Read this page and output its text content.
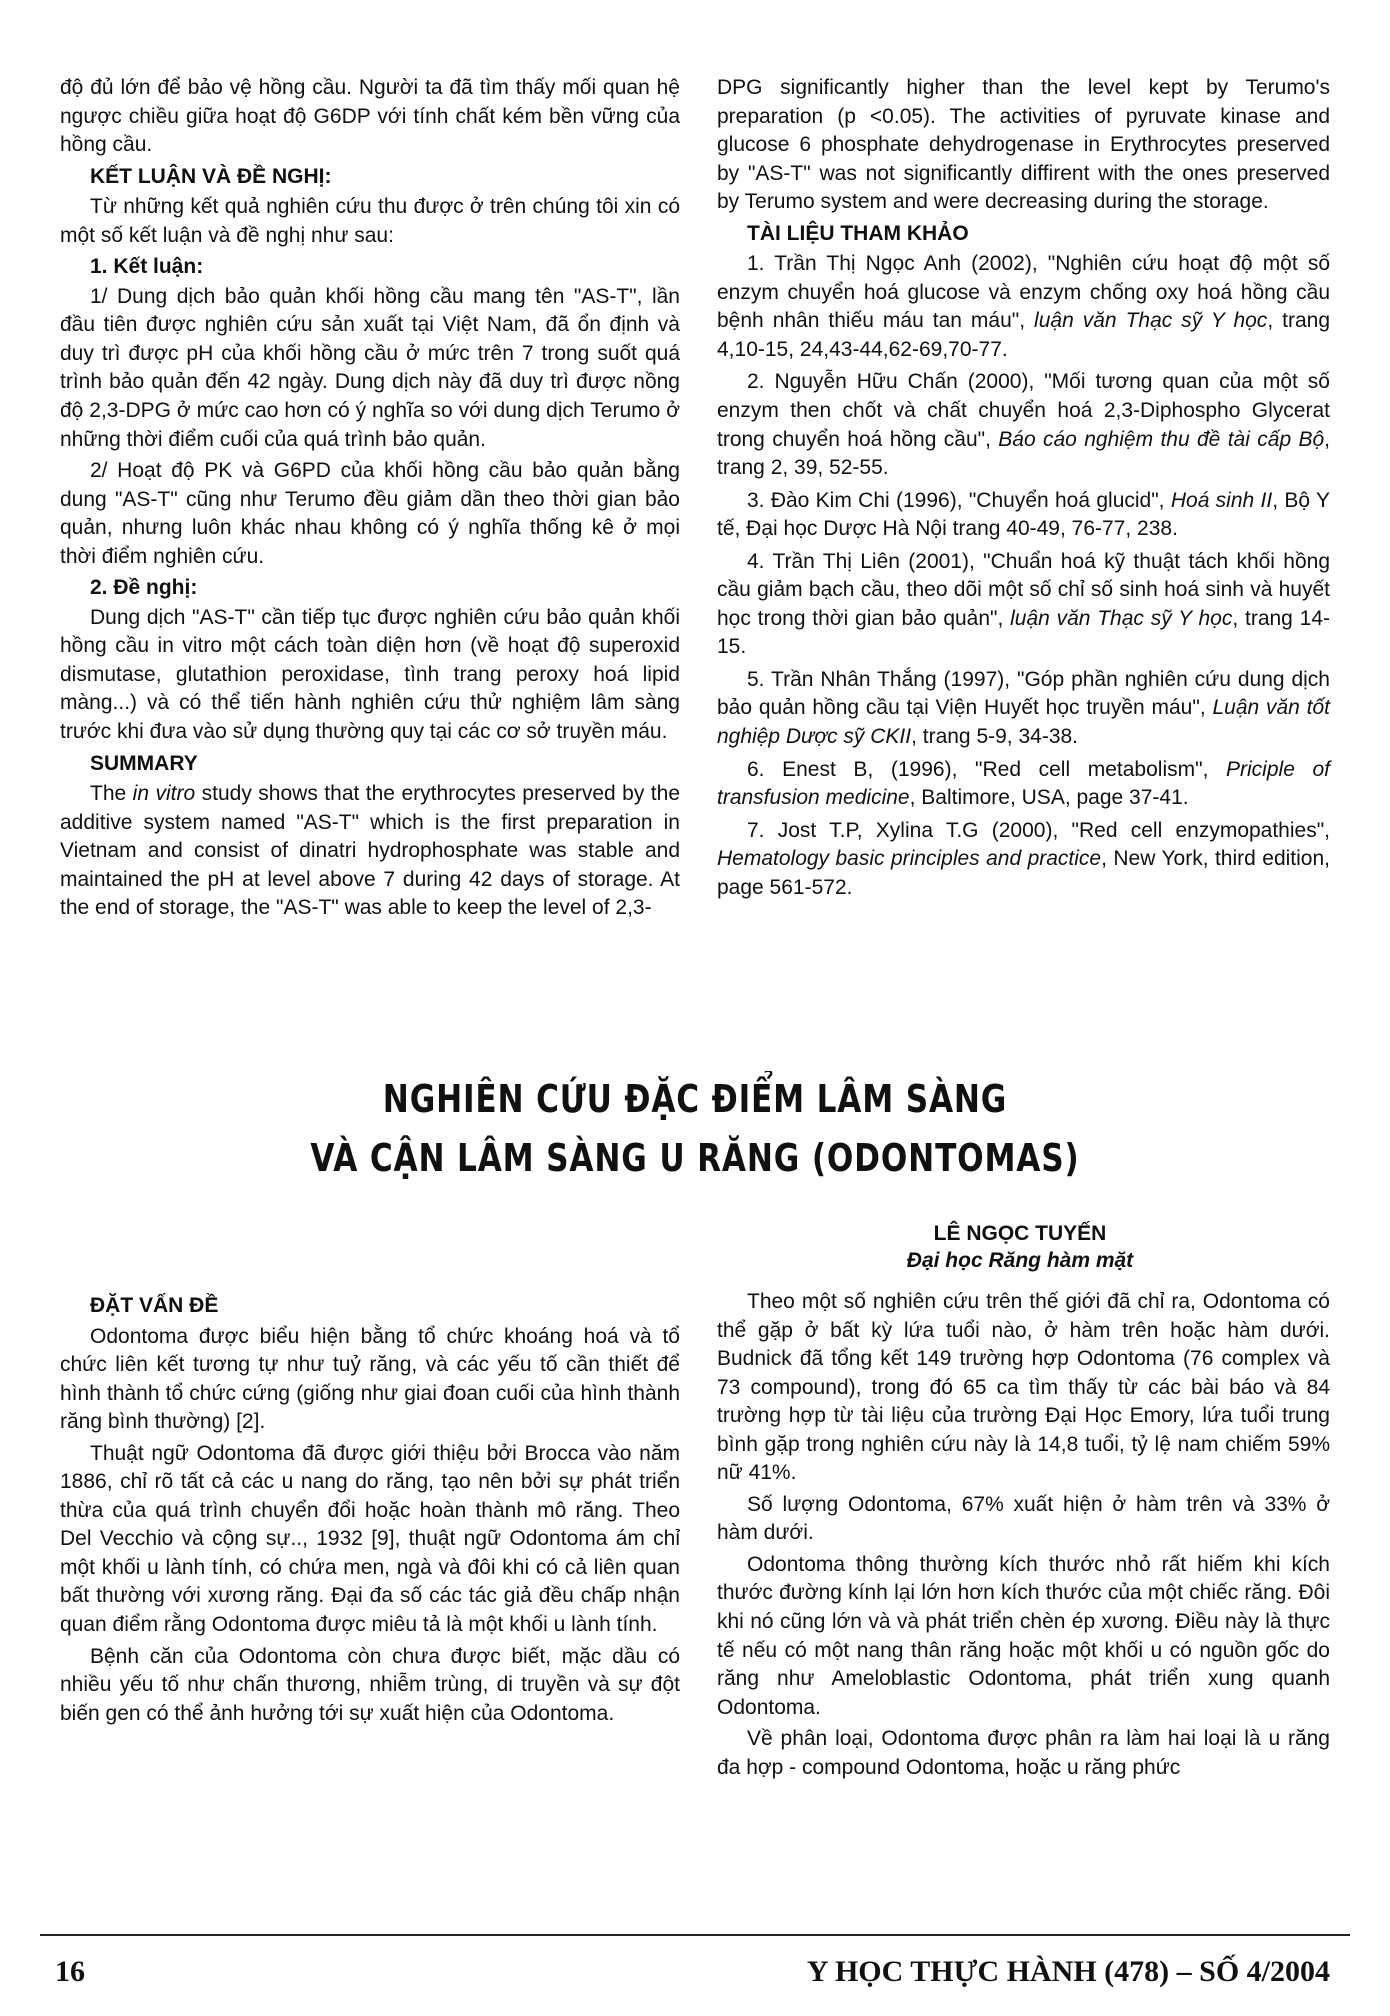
độ đủ lớn để bảo vệ hồng cầu. Người ta đã tìm thấy mối quan hệ ngược chiều giữa hoạt độ G6DP với tính chất kém bền vững của hồng cầu.

KẾT LUẬN VÀ ĐỀ NGHỊ:

Từ những kết quả nghiên cứu thu được ở trên chúng tôi xin có một số kết luận và đề nghị như sau:

1. Kết luận:

1/ Dung dịch bảo quản khối hồng cầu mang tên "AS-T", lần đầu tiên được nghiên cứu sản xuất tại Việt Nam, đã ổn định và duy trì được pH của khối hồng cầu ở mức trên 7 trong suốt quá trình bảo quản đến 42 ngày. Dung dịch này đã duy trì được nồng độ 2,3-DPG ở mức cao hơn có ý nghĩa so với dung dịch Terumo ở những thời điểm cuối của quá trình bảo quản.

2/ Hoạt độ PK và G6PD của khối hồng cầu bảo quản bằng dung "AS-T" cũng như Terumo đều giảm dần theo thời gian bảo quản, nhưng luôn khác nhau không có ý nghĩa thống kê ở mọi thời điểm nghiên cứu.

2. Đề nghị:

Dung dịch "AS-T" cần tiếp tục được nghiên cứu bảo quản khối hồng cầu in vitro một cách toàn diện hơn (về hoạt độ superoxid dismutase, glutathion peroxidase, tình trang peroxy hoá lipid màng...) và có thể tiến hành nghiên cứu thử nghiệm lâm sàng trước khi đưa vào sử dụng thường quy tại các cơ sở truyền máu.

SUMMARY

The in vitro study shows that the erythrocytes preserved by the additive system named "AS-T" which is the first preparation in Vietnam and consist of dinatri hydrophosphate was stable and maintained the pH at level above 7 during 42 days of storage. At the end of storage, the "AS-T" was able to keep the level of 2,3-

DPG significantly higher than the level kept by Terumo's preparation (p <0.05). The activities of pyruvate kinase and glucose 6 phosphate dehydrogenase in Erythrocytes preserved by "AS-T" was not significantly diffirent with the ones preserved by Terumo system and were decreasing during the storage.

TÀI LIỆU THAM KHẢO

1. Trần Thị Ngọc Anh (2002), "Nghiên cứu hoạt độ một số enzym chuyển hoá glucose và enzym chống oxy hoá hồng cầu bệnh nhân thiếu máu tan máu", luận văn Thạc sỹ Y học, trang 4,10-15, 24,43-44,62-69,70-77.

2. Nguyễn Hữu Chấn (2000), "Mối tương quan của một số enzym then chốt và chất chuyển hoá 2,3-Diphospho Glycerat trong chuyển hoá hồng cầu", Báo cáo nghiệm thu đề tài cấp Bộ, trang 2, 39, 52-55.

3. Đào Kim Chi (1996), "Chuyển hoá glucid", Hoá sinh II, Bộ Y tế, Đại học Dược Hà Nội trang 40-49, 76-77, 238.

4. Trần Thị Liên (2001), "Chuẩn hoá kỹ thuật tách khối hồng cầu giảm bạch cầu, theo dõi một số chỉ số sinh hoá sinh và huyết học trong thời gian bảo quản", luận văn Thạc sỹ Y học, trang 14-15.

5. Trần Nhân Thắng (1997), "Góp phần nghiên cứu dung dịch bảo quản hồng cầu tại Viện Huyết học truyền máu", Luận văn tốt nghiệp Dược sỹ CKII, trang 5-9, 34-38.

6. Enest B, (1996), "Red cell metabolism", Priciple of transfusion medicine, Baltimore, USA, page 37-41.

7. Jost T.P, Xylina T.G (2000), "Red cell enzymopathies", Hematology basic principles and practice, New York, third edition, page 561-572.

NGHIÊN CỨU ĐẶC ĐIỂM LÂM SÀNG
VÀ CẬN LÂM SÀNG U RĂNG (ODONTOMAS)
LÊ NGỌC TUYẾN
Đại học Răng hàm mặt
ĐẶT VẤN ĐỀ

Odontoma được biểu hiện bằng tổ chức khoáng hoá và tổ chức liên kết tương tự như tuỷ răng, và các yếu tố cần thiết để hình thành tổ chức cứng (giống như giai đoan cuối của hình thành răng bình thường) [2].

Thuật ngữ Odontoma đã được giới thiệu bởi Brocca vào năm 1886, chỉ rõ tất cả các u nang do răng, tạo nên bởi sự phát triển thừa của quá trình chuyển đổi hoặc hoàn thành mô răng. Theo Del Vecchio và cộng sự.., 1932 [9], thuật ngữ Odontoma ám chỉ một khối u lành tính, có chứa men, ngà và đôi khi có cả liên quan bất thường với xương răng. Đại đa số các tác giả đều chấp nhận quan điểm rằng Odontoma được miêu tả là một khối u lành tính.

Bệnh căn của Odontoma còn chưa được biết, mặc dầu có nhiều yếu tố như chấn thương, nhiễm trùng, di truyền và sự đột biến gen có thể ảnh hưởng tới sự xuất hiện của Odontoma.

Theo một số nghiên cứu trên thế giới đã chỉ ra, Odontoma có thể gặp ở bất kỳ lứa tuổi nào, ở hàm trên hoặc hàm dưới. Budnick đã tổng kết 149 trường hợp Odontoma (76 complex và 73 compound), trong đó 65 ca tìm thấy từ các bài báo và 84 trường hợp từ tài liệu của trường Đại Học Emory, lứa tuổi trung bình gặp trong nghiên cứu này là 14,8 tuổi, tỷ lệ nam chiếm 59% nữ 41%.

Số lượng Odontoma, 67% xuất hiện ở hàm trên và 33% ở hàm dưới.

Odontoma thông thường kích thước nhỏ rất hiếm khi kích thước đường kính lại lớn hơn kích thước của một chiếc răng. Đôi khi nó cũng lớn và và phát triển chèn ép xương. Điều này là thực tế nếu có một nang thân răng hoặc một khối u có nguồn gốc do răng như Ameloblastic Odontoma, phát triển xung quanh Odontoma.

Về phân loại, Odontoma được phân ra làm hai loại là u răng đa hợp - compound Odontoma, hoặc u răng phức

16	Y HỌC THỰC HÀNH (478) – SỐ 4/2004
